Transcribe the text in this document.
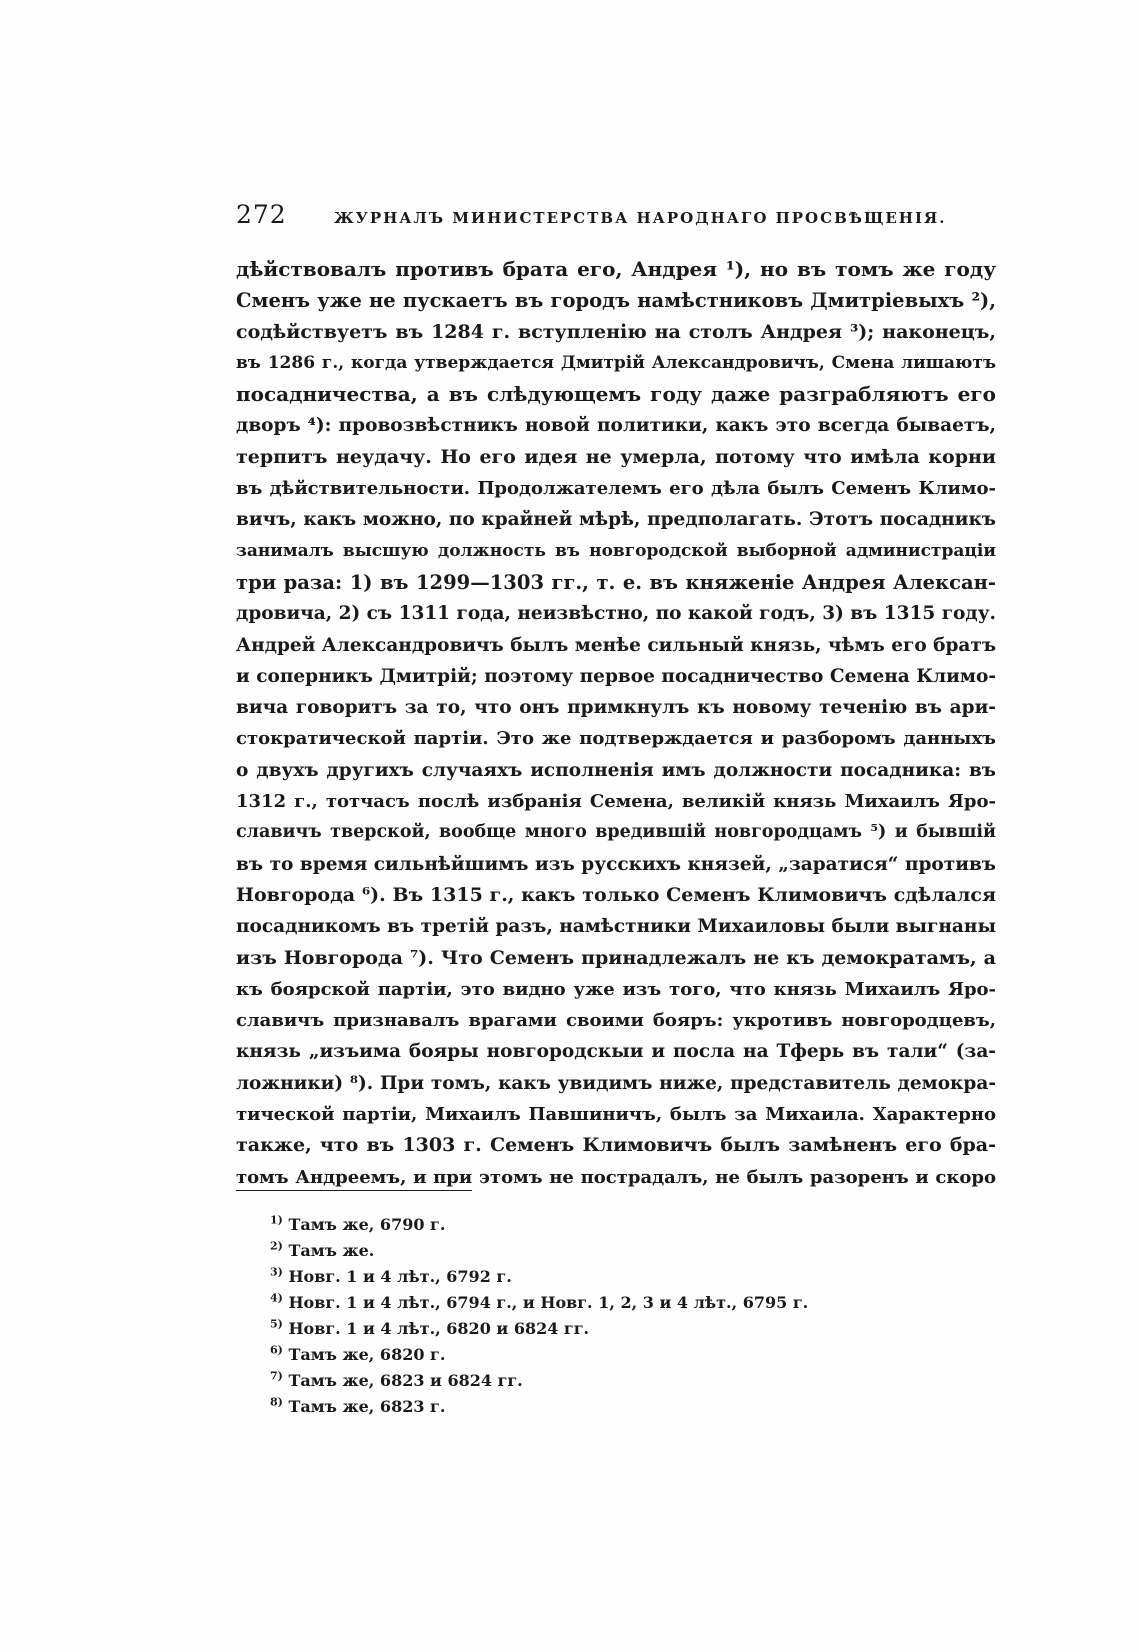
272	ЖУРНАЛЪ МИНИСТЕРСТВА НАРОДНАГО ПРОСВѢЩЕНІЯ.
дѣйствовалъ противъ брата его, Андрея ¹), но въ томъ же году
Сменъ уже не пускаетъ въ городъ намѣстниковъ Дмитріевыхъ ²),
содѣйствуетъ въ 1284 г. вступленію на столъ Андрея ³); наконецъ,
въ 1286 г., когда утверждается Дмитрій Александровичъ, Смена лишаютъ
посадничества, а въ слѣдующемъ году даже разграбляютъ его
дворъ ⁴): провозвѣстникъ новой политики, какъ это всегда бываетъ,
терпитъ неудачу. Но его идея не умерла, потому что имѣла корни
въ дѣйствительности. Продолжателемъ его дѣла былъ Семенъ Климо-
вичъ, какъ можно, по крайней мѣрѣ, предполагать. Этотъ посадникъ
занималъ высшую должность въ новгородской выборной администраціи
три раза: 1) въ 1299—1303 гг., т. е. въ княженіе Андрея Алексан-
дровича, 2) съ 1311 года, неизвѣстно, по какой годъ, 3) въ 1315 году.
Андрей Александровичъ былъ менѣе сильный князь, чѣмъ его братъ
и соперникъ Дмитрій; поэтому первое посадничество Семена Климо-
вича говоритъ за то, что онъ примкнулъ къ новому теченію въ ари-
стократической партіи. Это же подтверждается и разборомъ данныхъ
о двухъ другихъ случаяхъ исполненія имъ должности посадника: въ
1312 г., тотчасъ послѣ избранія Семена, великій князь Михаилъ Яро-
славичъ тверской, вообще много вредившій новгородцамъ ⁵) и бывшій
въ то время сильнѣйшимъ изъ русскихъ князей, „заратися“ противъ
Новгорода ⁶). Въ 1315 г., какъ только Семенъ Климовичъ сдѣлался
посадникомъ въ третій разъ, намѣстники Михаиловы были выгнаны
изъ Новгорода ⁷). Что Семенъ принадлежалъ не къ демократамъ, а
къ боярской партіи, это видно уже изъ того, что князь Михаилъ Яро-
славичъ признавалъ врагами своими бояръ: укротивъ новгородцевъ,
князь „изъима бояры новгородскыи и посла на Тферь въ тали“ (за-
ложники) ⁸). При томъ, какъ увидимъ ниже, представитель демокра-
тической партіи, Михаилъ Павшиничъ, былъ за Михаила. Характерно
также, что въ 1303 г. Семенъ Климовичъ былъ замѣненъ его бра-
томъ Андреемъ, и при этомъ не пострадалъ, не былъ разоренъ и скоро
$^{1)}$ Тамъ же, 6790 г.
$^{2)}$ Тамъ же.
$^{3)}$ Новг. 1 и 4 лѣт., 6792 г.
$^{4)}$ Новг. 1 и 4 лѣт., 6794 г., и Новг. 1, 2, 3 и 4 лѣт., 6795 г.
$^{5)}$ Новг. 1 и 4 лѣт., 6820 и 6824 гг.
$^{6)}$ Тамъ же, 6820 г.
$^{7)}$ Тамъ же, 6823 и 6824 гг.
$^{8)}$ Тамъ же, 6823 г.
